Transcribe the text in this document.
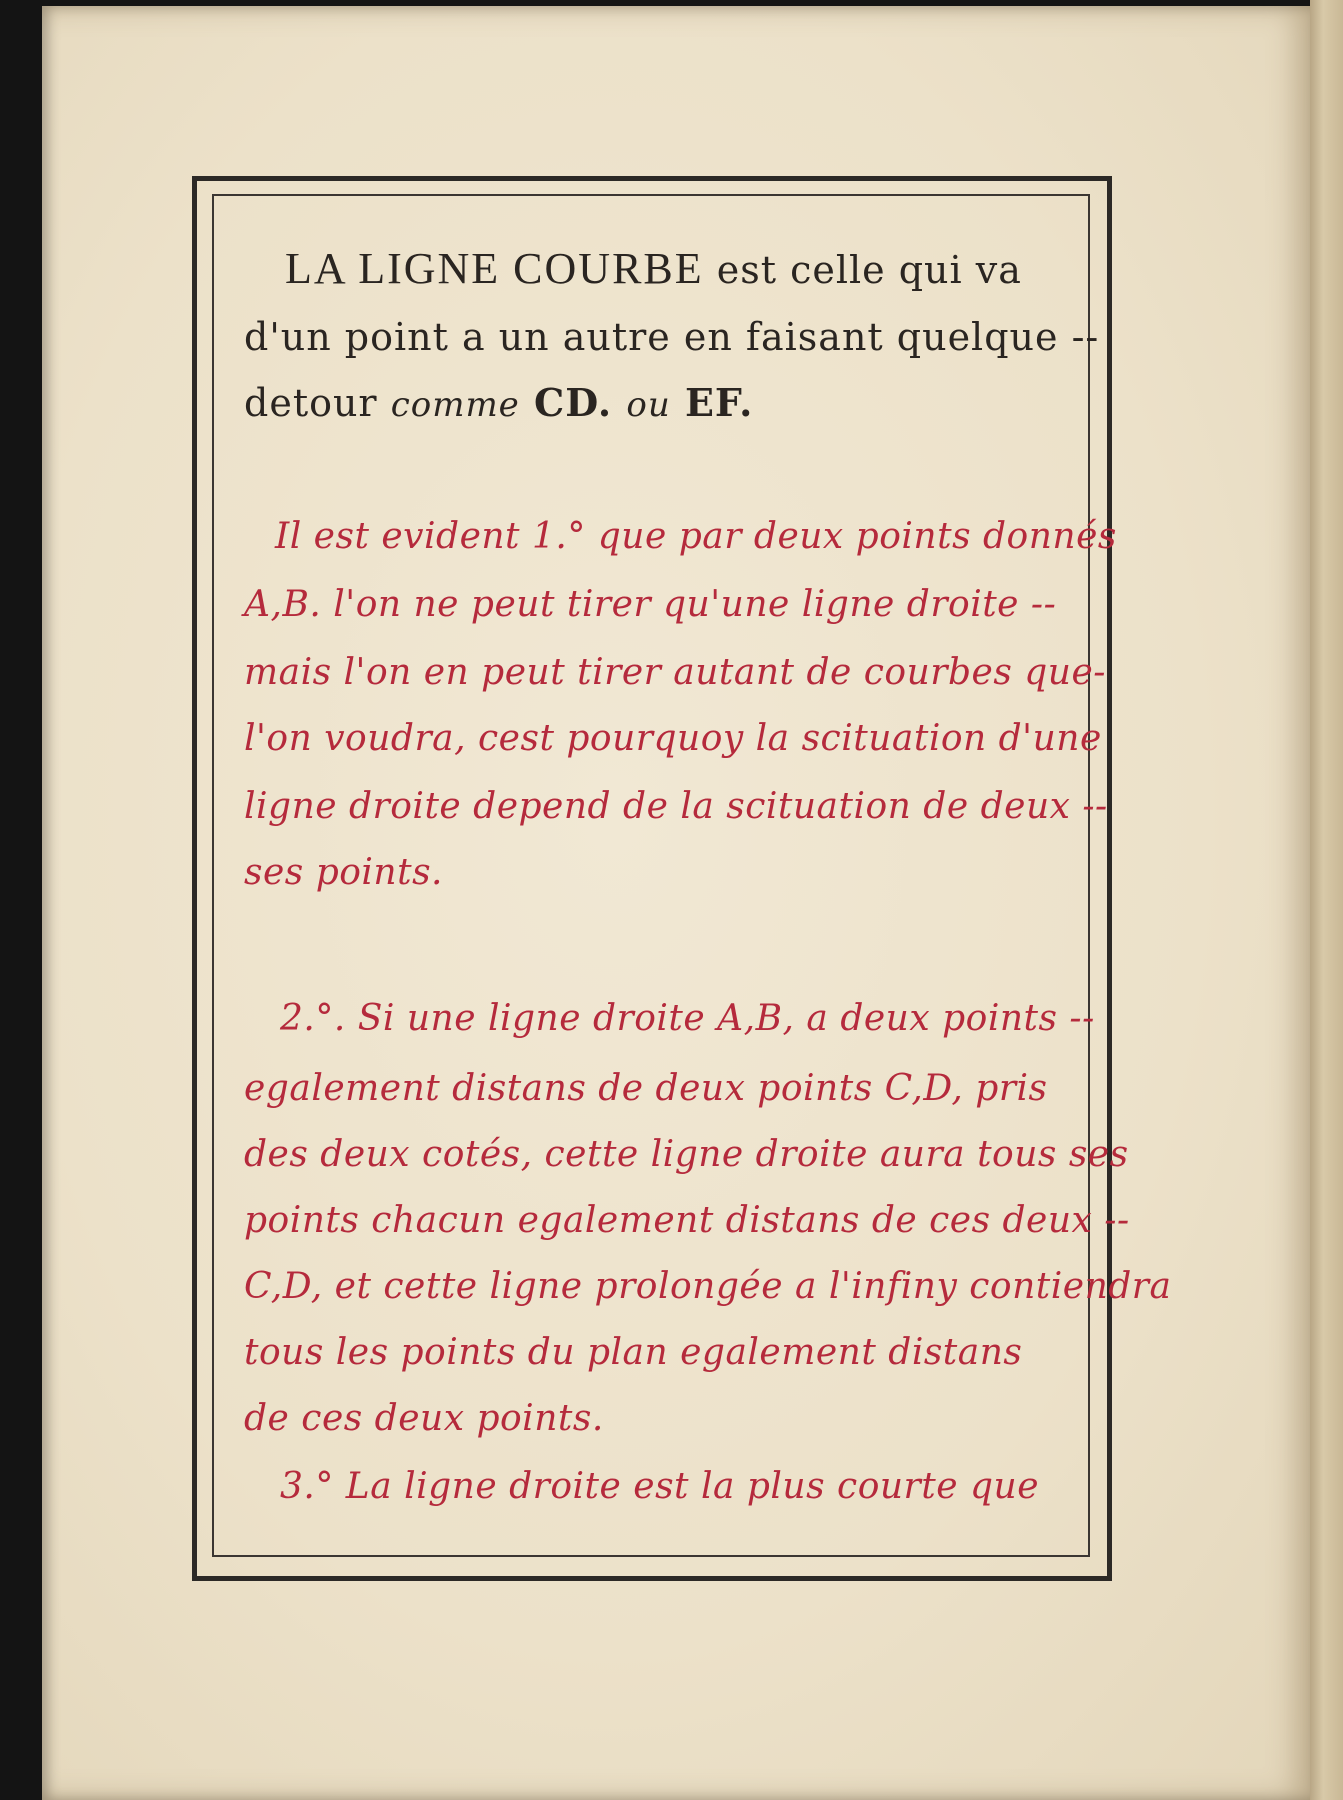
LA LIGNE COURBE est celle qui va
d'un point a un autre en faisant quelque --
detour comme CD. ou EF.
Il est evident 1.° que par deux points donnés
A,B. l'on ne peut tirer qu'une ligne droite --
mais l'on en peut tirer autant de courbes que-
l'on voudra, cest pourquoy la scituation d'une
ligne droite depend de la scituation de deux --
ses points.
2.°. Si une ligne droite A,B, a deux points --
egalement distans de deux points C,D, pris
des deux cotés, cette ligne droite aura tous ses
points chacun egalement distans de ces deux --
C,D, et cette ligne prolongée a l'infiny contiendra
tous les points du plan egalement distans
de ces deux points.
3.° La ligne droite est la plus courte que
